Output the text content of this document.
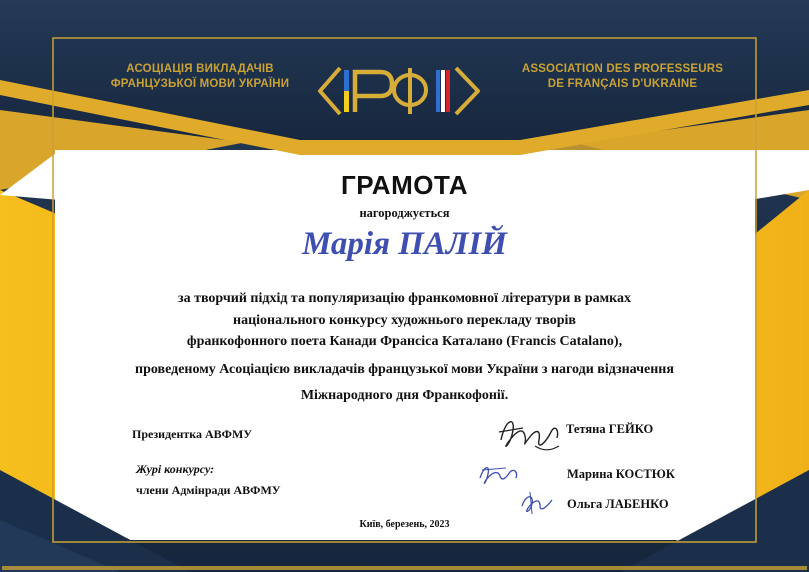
АСОЦІАЦІЯ ВИКЛАДАЧІВ
ФРАНЦУЗЬКОЇ МОВИ УКРАЇНИ
ASSOCIATION DES PROFESSEURS
DE FRANÇAIS D'UKRAINE
ГРАМОТА
нагороджується
Марія ПАЛІЙ
за творчий підхід та популяризацію франкомовної літератури в рамках
національного конкурсу художнього перекладу творів
франкофонного поета Канади Франсіса Каталано (Francis Catalano),
проведеному Асоціацією викладачів французької мови України з нагоди відзначення
Міжнародного дня Франкофонії.
Президентка АВФМУ	Тетяна ГЕЙКО
Журі конкурсу:
члени Адмінради АВФМУ
Марина КОСТЮК
Ольга ЛАБЕНКО
Київ, березень, 2023
